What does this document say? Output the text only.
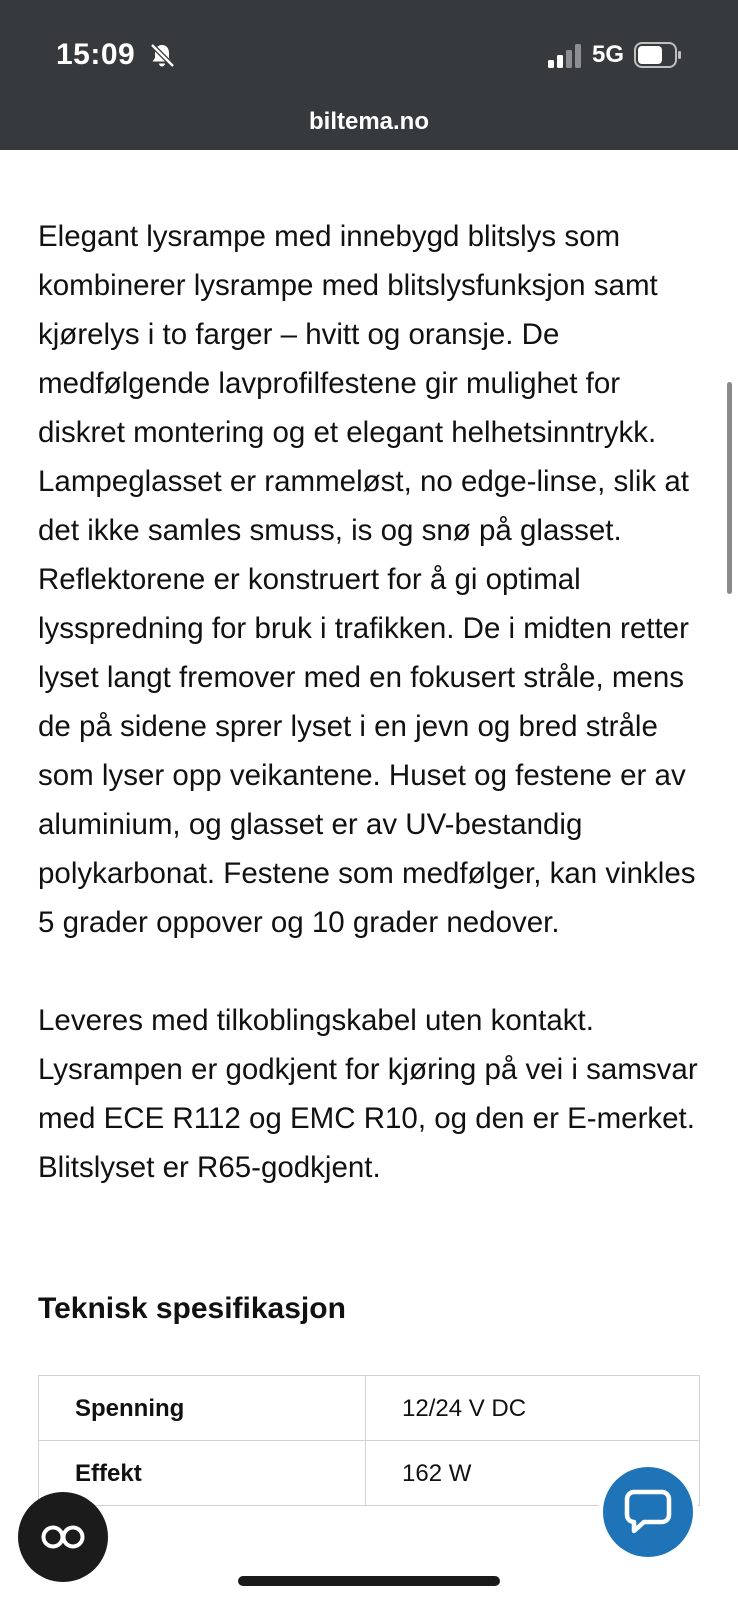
15:09	5G
biltema.no

Elegant lysrampe med innebygd blitslys som kombinerer lysrampe med blitslysfunksjon samt kjørelys i to farger – hvitt og oransje. De medfølgende lavprofilfestene gir mulighet for diskret montering og et elegant helhetsinntrykk. Lampeglasset er rammeløst, no edge-linse, slik at det ikke samles smuss, is og snø på glasset. Reflektorene er konstruert for å gi optimal lysspredning for bruk i trafikken. De i midten retter lyset langt fremover med en fokusert stråle, mens de på sidene sprer lyset i en jevn og bred stråle som lyser opp veikantene. Huset og festene er av aluminium, og glasset er av UV-bestandig polykarbonat. Festene som medfølger, kan vinkles 5 grader oppover og 10 grader nedover.

Leveres med tilkoblingskabel uten kontakt. Lysrampen er godkjent for kjøring på vei i samsvar med ECE R112 og EMC R10, og den er E-merket. Blitslyset er R65-godkjent.

Teknisk spesifikasjon

Spenning	12/24 V DC
Effekt	162 W
